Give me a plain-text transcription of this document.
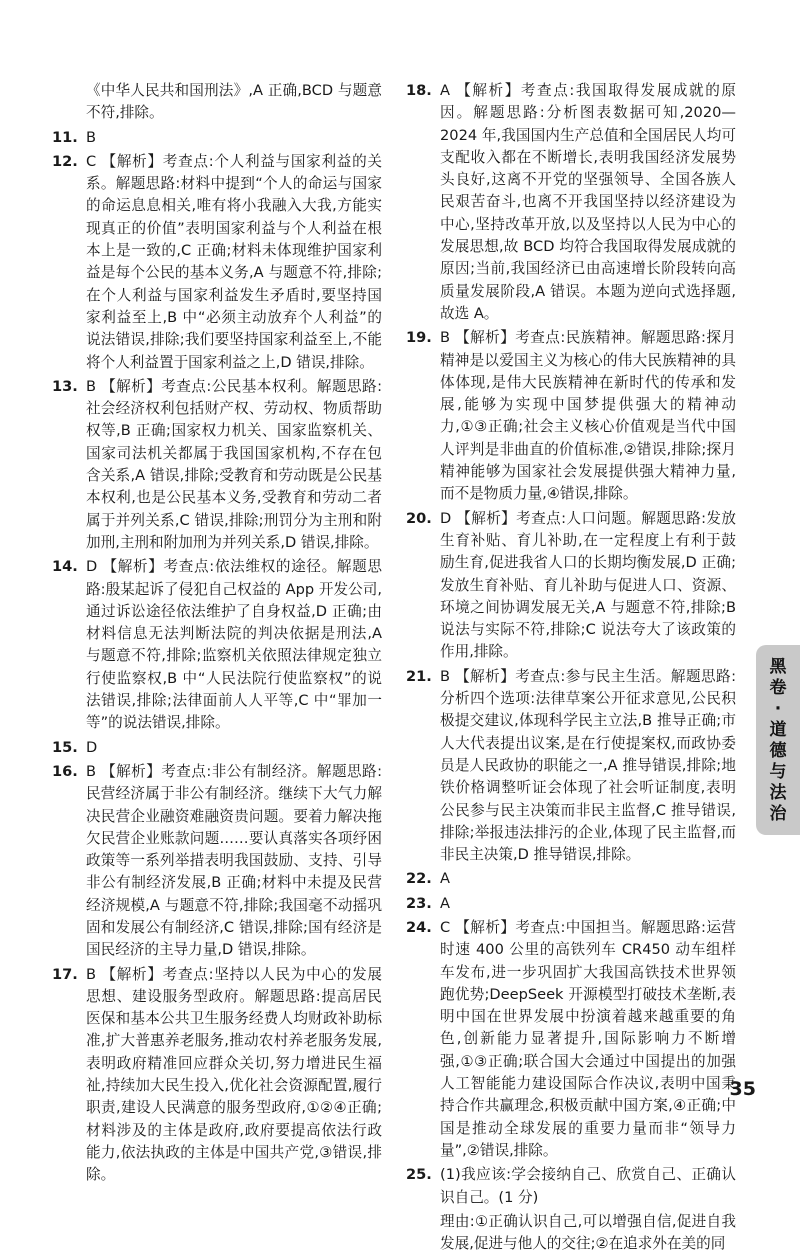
《中华人民共和国刑法》,A 正确,BCD 与题意不符,排除。
11. B
12. C 【解析】考查点:个人利益与国家利益的关系。解题思路:材料中提到“个人的命运与国家的命运息息相关,唯有将小我融入大我,方能实现真正的价值”表明国家利益与个人利益在根本上是一致的,C 正确;材料未体现维护国家利益是每个公民的基本义务,A 与题意不符,排除;在个人利益与国家利益发生矛盾时,要坚持国家利益至上,B 中“必须主动放弃个人利益”的说法错误,排除;我们要坚持国家利益至上,不能将个人利益置于国家利益之上,D 错误,排除。
13. B 【解析】考查点:公民基本权利。解题思路:社会经济权利包括财产权、劳动权、物质帮助权等,B 正确;国家权力机关、国家监察机关、国家司法机关都属于我国国家机构,不存在包含关系,A 错误,排除;受教育和劳动既是公民基本权利,也是公民基本义务,受教育和劳动二者属于并列关系,C 错误,排除;刑罚分为主刑和附加刑,主刑和附加刑为并列关系,D 错误,排除。
14. D 【解析】考查点:依法维权的途径。解题思路:殷某起诉了侵犯自己权益的 App 开发公司,通过诉讼途径依法维护了自身权益,D 正确;由材料信息无法判断法院的判决依据是刑法,A 与题意不符,排除;监察机关依照法律规定独立行使监察权,B 中“人民法院行使监察权”的说法错误,排除;法律面前人人平等,C 中“罪加一等”的说法错误,排除。
15. D
16. B 【解析】考查点:非公有制经济。解题思路:民营经济属于非公有制经济。继续下大气力解决民营企业融资难融资贵问题。要着力解决拖欠民营企业账款问题……要认真落实各项纾困政策等一系列举措表明我国鼓励、支持、引导非公有制经济发展,B 正确;材料中未提及民营经济规模,A 与题意不符,排除;我国毫不动摇巩固和发展公有制经济,C 错误,排除;国有经济是国民经济的主导力量,D 错误,排除。
17. B 【解析】考查点:坚持以人民为中心的发展思想、建设服务型政府。解题思路:提高居民医保和基本公共卫生服务经费人均财政补助标准,扩大普惠养老服务,推动农村养老服务发展,表明政府精准回应群众关切,努力增进民生福祉,持续加大民生投入,优化社会资源配置,履行职责,建设人民满意的服务型政府,①②④正确;材料涉及的主体是政府,政府要提高依法行政能力,依法执政的主体是中国共产党,③错误,排除。
18. A 【解析】考查点:我国取得发展成就的原因。解题思路:分析图表数据可知,2020—2024 年,我国国内生产总值和全国居民人均可支配收入都在不断增长,表明我国经济发展势头良好,这离不开党的坚强领导、全国各族人民艰苦奋斗,也离不开我国坚持以经济建设为中心,坚持改革开放,以及坚持以人民为中心的发展思想,故 BCD 均符合我国取得发展成就的原因;当前,我国经济已由高速增长阶段转向高质量发展阶段,A 错误。本题为逆向式选择题,故选 A。
19. B 【解析】考查点:民族精神。解题思路:探月精神是以爱国主义为核心的伟大民族精神的具体体现,是伟大民族精神在新时代的传承和发展,能够为实现中国梦提供强大的精神动力,①③正确;社会主义核心价值观是当代中国人评判是非曲直的价值标准,②错误,排除;探月精神能够为国家社会发展提供强大精神力量,而不是物质力量,④错误,排除。
20. D 【解析】考查点:人口问题。解题思路:发放生育补贴、育儿补助,在一定程度上有利于鼓励生育,促进我省人口的长期均衡发展,D 正确;发放生育补贴、育儿补助与促进人口、资源、环境之间协调发展无关,A 与题意不符,排除;B 说法与实际不符,排除;C 说法夸大了该政策的作用,排除。
21. B 【解析】考查点:参与民主生活。解题思路:分析四个选项:法律草案公开征求意见,公民积极提交建议,体现科学民主立法,B 推导正确;市人大代表提出议案,是在行使提案权,而政协委员是人民政协的职能之一,A 推导错误,排除;地铁价格调整听证会体现了社会听证制度,表明公民参与民主决策而非民主监督,C 推导错误,排除;举报违法排污的企业,体现了民主监督,而非民主决策,D 推导错误,排除。
22. A
23. A
24. C 【解析】考查点:中国担当。解题思路:运营时速 400 公里的高铁列车 CR450 动车组样车发布,进一步巩固扩大我国高铁技术世界领跑优势;DeepSeek 开源模型打破技术垄断,表明中国在世界发展中扮演着越来越重要的角色,创新能力显著提升,国际影响力不断增强,①③正确;联合国大会通过中国提出的加强人工智能能力建设国际合作决议,表明中国秉持合作共赢理念,积极贡献中国方案,④正确;中国是推动全球发展的重要力量而非“领导力量”,②错误,排除。
25. (1)我应该:学会接纳自己、欣赏自己、正确认识自己。(1 分)
理由:①正确认识自己,可以增强自信,促进自我发展,促进与他人的交往;②在追求外在美的同
黑
卷
·
道
德
与
法
治
35
